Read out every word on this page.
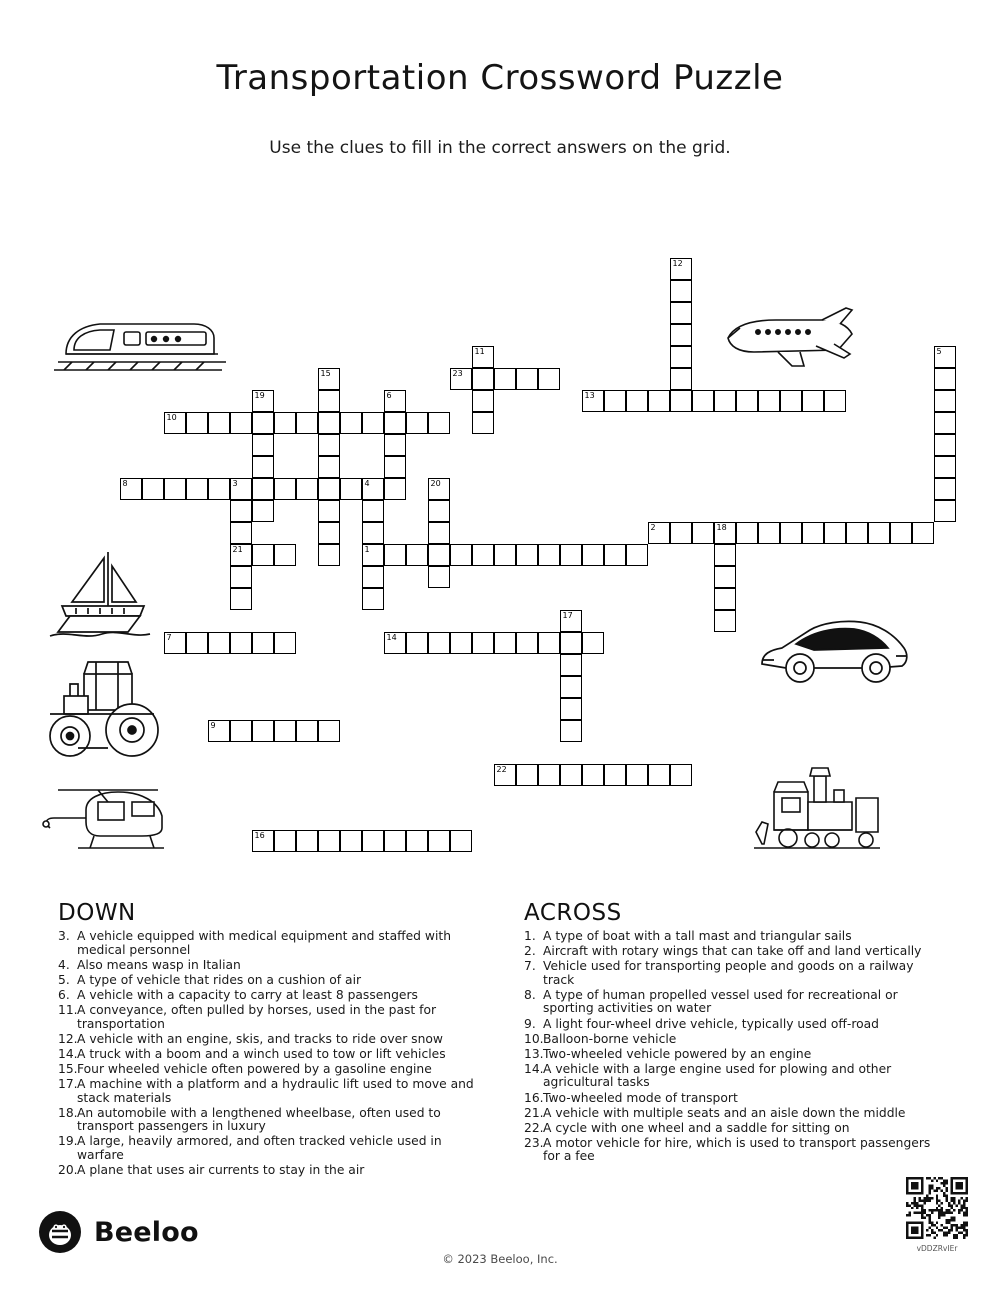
Transportation Crossword Puzzle
Use the clues to fill in the correct answers on the grid.
12
11	5
15	23
19	6	13
10
8	3	4
21	1
20
2	18
17
7	14
9
22
16
DOWN
3. A vehicle equipped with medical equipment and staffed with medical personnel
4. Also means wasp in Italian
5. A type of vehicle that rides on a cushion of air
6. A vehicle with a capacity to carry at least 8 passengers
11. A conveyance, often pulled by horses, used in the past for transportation
12. A vehicle with an engine, skis, and tracks to ride over snow
14. A truck with a boom and a winch used to tow or lift vehicles
15. Four wheeled vehicle often powered by a gasoline engine
17. A machine with a platform and a hydraulic lift used to move and stack materials
18. An automobile with a lengthened wheelbase, often used to transport passengers in luxury
19. A large, heavily armored, and often tracked vehicle used in warfare
20. A plane that uses air currents to stay in the air
ACROSS
1. A type of boat with a tall mast and triangular sails
2. Aircraft with rotary wings that can take off and land vertically
7. Vehicle used for transporting people and goods on a railway track
8. A type of human propelled vessel used for recreational or sporting activities on water
9. A light four-wheel drive vehicle, typically used off-road
10. Balloon-borne vehicle
13. Two-wheeled vehicle powered by an engine
14. A vehicle with a large engine used for plowing and other agricultural tasks
16. Two-wheeled mode of transport
21. A vehicle with multiple seats and an aisle down the middle
22. A cycle with one wheel and a saddle for sitting on
23. A motor vehicle for hire, which is used to transport passengers for a fee
Beeloo
© 2023 Beeloo, Inc.
vDDZRvIEr
